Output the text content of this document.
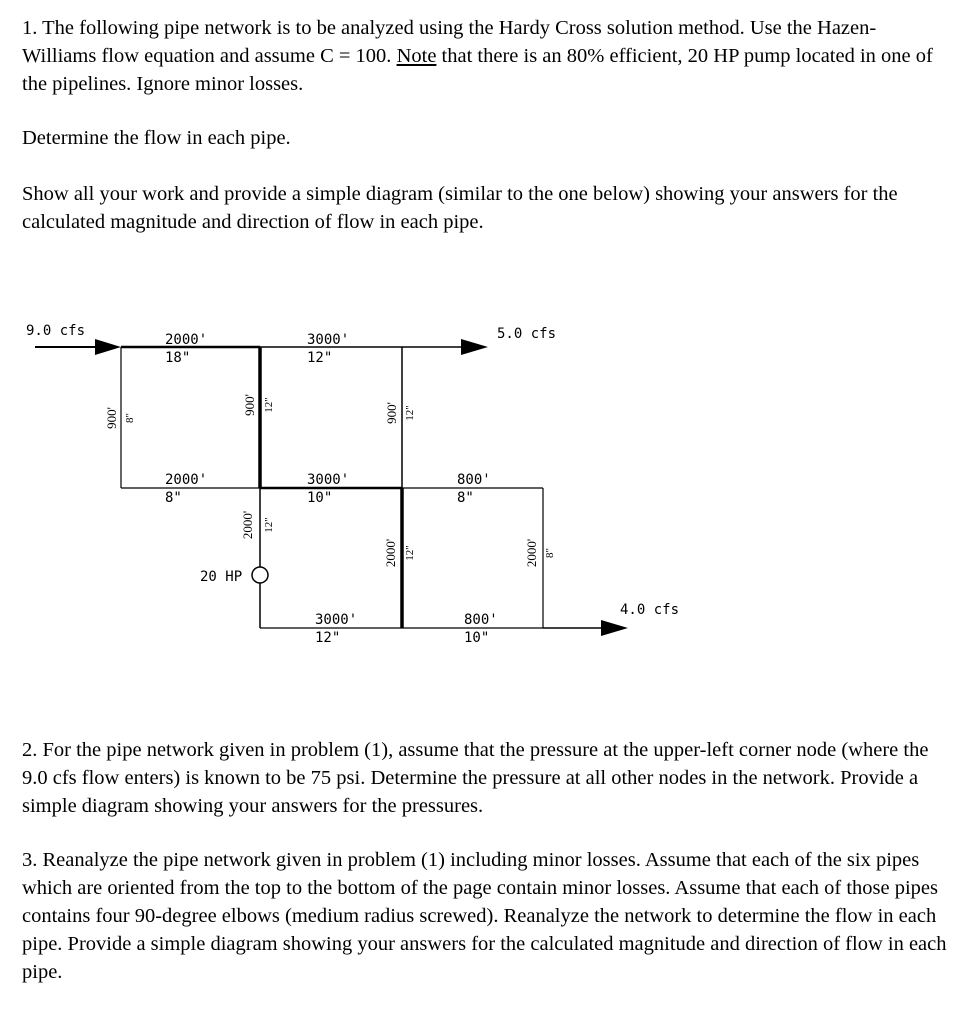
1. The following pipe network is to be analyzed using the Hardy Cross solution method. Use the Hazen-Williams flow equation and assume C = 100. Note that there is an 80% efficient, 20 HP pump located in one of the pipelines. Ignore minor losses.

Determine the flow in each pipe.

Show all your work and provide a simple diagram (similar to the one below) showing your answers for the calculated magnitude and direction of flow in each pipe.

9.0 cfs	5.0 cfs
4.0 cfs
20 HP
2000'
18"
3000'
12"
2000'
8"
3000'
10"
800'
8"
3000'
12"
800'
10"
900' 8"
900' 12"	900' 12"
2000' 12"
2000' 12"	2000' 8"

2. For the pipe network given in problem (1), assume that the pressure at the upper-left corner node (where the 9.0 cfs flow enters) is known to be 75 psi. Determine the pressure at all other nodes in the network. Provide a simple diagram showing your answers for the pressures.

3. Reanalyze the pipe network given in problem (1) including minor losses. Assume that each of the six pipes which are oriented from the top to the bottom of the page contain minor losses. Assume that each of those pipes contains four 90-degree elbows (medium radius screwed). Reanalyze the network to determine the flow in each pipe. Provide a simple diagram showing your answers for the calculated magnitude and direction of flow in each pipe.
